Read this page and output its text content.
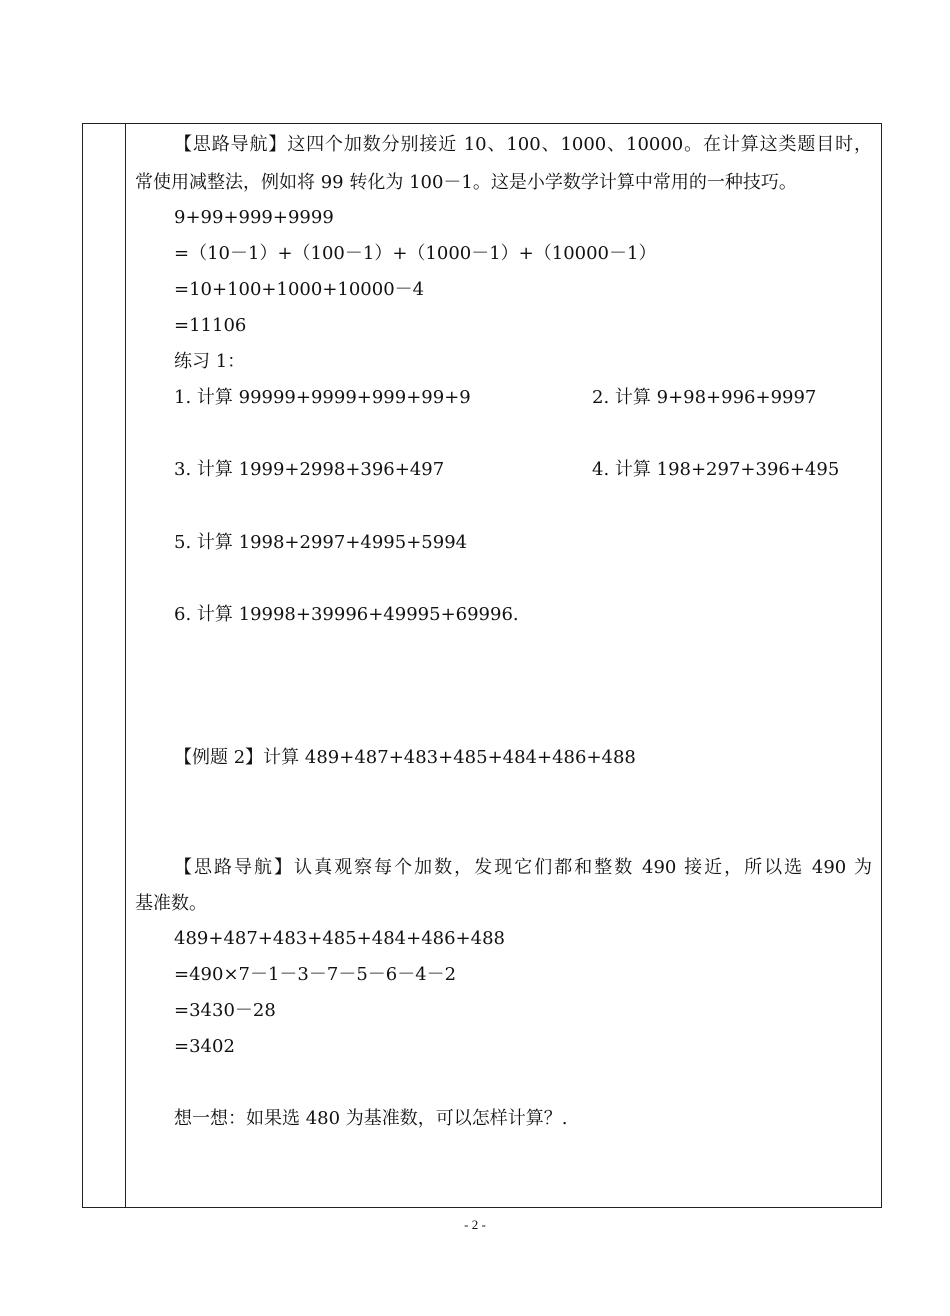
【思路导航】这四个加数分别接近 10、100、1000、10000。在计算这类题目时，
常使用减整法，例如将 99 转化为 100－1。这是小学数学计算中常用的一种技巧。
9+99+999+9999
=（10－1）+（100－1）+（1000－1）+（10000－1）
=10+100+1000+10000－4
=11106
练习 1：
1. 计算 99999+9999+999+99+9	2. 计算 9+98+996+9997
3. 计算 1999+2998+396+497	4. 计算 198+297+396+495
5. 计算 1998+2997+4995+5994
6. 计算 19998+39996+49995+69996.
【例题 2】计算 489+487+483+485+484+486+488
【思路导航】认真观察每个加数，发现它们都和整数 490 接近，所以选 490 为
基准数。
489+487+483+485+484+486+488
=490×7－1－3－7－5－6－4－2
=3430－28
=3402
想一想：如果选 480 为基准数，可以怎样计算？.
- 2 -
